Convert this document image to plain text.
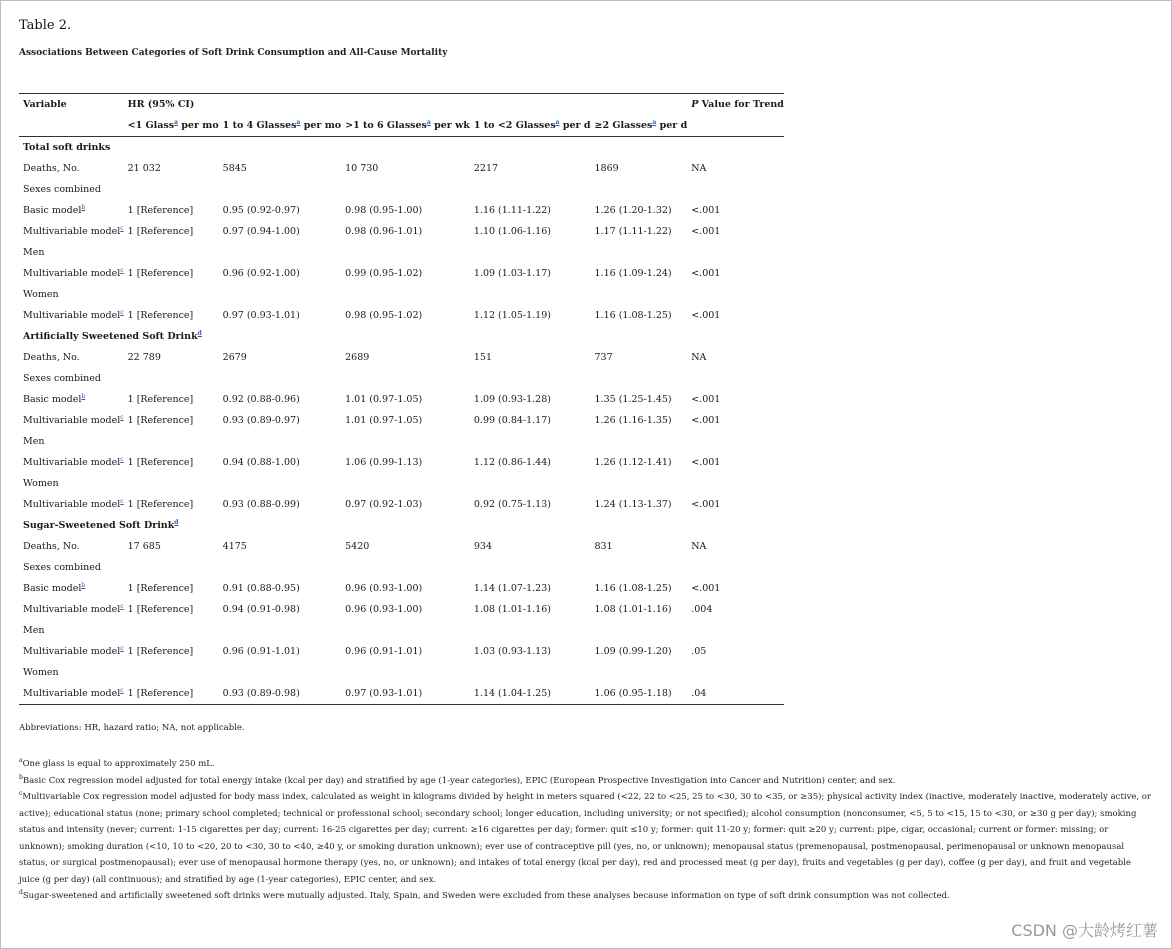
Table 2.
Associations Between Categories of Soft Drink Consumption and All-Cause Mortality
Variable	HR (95% CI)					P Value for Trend
	<1 Glass$^a$ per mo	1 to 4 Glasses$^a$ per mo	>1 to 6 Glasses$^a$ per wk	1 to <2 Glasses$^a$ per d	≥2 Glasses$^a$ per d	
Total soft drinks						
Deaths, No.	21 032	5845	10 730	2217	1869	NA
Sexes combined						
Basic model$^b$	1 [Reference]	0.95 (0.92-0.97)	0.98 (0.95-1.00)	1.16 (1.11-1.22)	1.26 (1.20-1.32)	<.001
Multivariable model$^c$	1 [Reference]	0.97 (0.94-1.00)	0.98 (0.96-1.01)	1.10 (1.06-1.16)	1.17 (1.11-1.22)	<.001
Men						
Multivariable model$^c$	1 [Reference]	0.96 (0.92-1.00)	0.99 (0.95-1.02)	1.09 (1.03-1.17)	1.16 (1.09-1.24)	<.001
Women						
Multivariable model$^c$	1 [Reference]	0.97 (0.93-1.01)	0.98 (0.95-1.02)	1.12 (1.05-1.19)	1.16 (1.08-1.25)	<.001
Artificially Sweetened Soft Drink$^d$
Deaths, No.	22 789	2679	2689	151	737	NA
Sexes combined						
Basic model$^b$	1 [Reference]	0.92 (0.88-0.96)	1.01 (0.97-1.05)	1.09 (0.93-1.28)	1.35 (1.25-1.45)	<.001
Multivariable model$^c$	1 [Reference]	0.93 (0.89-0.97)	1.01 (0.97-1.05)	0.99 (0.84-1.17)	1.26 (1.16-1.35)	<.001
Men						
Multivariable model$^c$	1 [Reference]	0.94 (0.88-1.00)	1.06 (0.99-1.13)	1.12 (0.86-1.44)	1.26 (1.12-1.41)	<.001
Women						
Multivariable model$^c$	1 [Reference]	0.93 (0.88-0.99)	0.97 (0.92-1.03)	0.92 (0.75-1.13)	1.24 (1.13-1.37)	<.001
Sugar-Sweetened Soft Drink$^d$
Deaths, No.	17 685	4175	5420	934	831	NA
Sexes combined						
Basic model$^b$	1 [Reference]	0.91 (0.88-0.95)	0.96 (0.93-1.00)	1.14 (1.07-1.23)	1.16 (1.08-1.25)	<.001
Multivariable model$^c$	1 [Reference]	0.94 (0.91-0.98)	0.96 (0.93-1.00)	1.08 (1.01-1.16)	1.08 (1.01-1.16)	.004
Men						
Multivariable model$^c$	1 [Reference]	0.96 (0.91-1.01)	0.96 (0.91-1.01)	1.03 (0.93-1.13)	1.09 (0.99-1.20)	.05
Women						
Multivariable model$^c$	1 [Reference]	0.93 (0.89-0.98)	0.97 (0.93-1.01)	1.14 (1.04-1.25)	1.06 (0.95-1.18)	.04
Abbreviations: HR, hazard ratio; NA, not applicable.

$^a$One glass is equal to approximately 250 mL.

$^b$Basic Cox regression model adjusted for total energy intake (kcal per day) and stratified by age (1-year categories), EPIC (European Prospective Investigation into Cancer and Nutrition) center, and sex.

$^c$Multivariable Cox regression model adjusted for body mass index, calculated as weight in kilograms divided by height in meters squared (<22, 22 to <25, 25 to <30, 30 to <35, or ≥35); physical activity index (inactive, moderately inactive, moderately active, or active); educational status (none; primary school completed; technical or professional school; secondary school; longer education, including university; or not specified); alcohol consumption (nonconsumer, <5, 5 to <15, 15 to <30, or ≥30 g per day); smoking status and intensity (never; current: 1-15 cigarettes per day; current: 16-25 cigarettes per day; current: ≥16 cigarettes per day; former: quit ≤10 y; former: quit 11-20 y; former: quit ≥20 y; current: pipe, cigar, occasional; current or former: missing; or unknown); smoking duration (<10, 10 to <20, 20 to <30, 30 to <40, ≥40 y, or smoking duration unknown); ever use of contraceptive pill (yes, no, or unknown); menopausal status (premenopausal, postmenopausal, perimenopausal or unknown menopausal status, or surgical postmenopausal); ever use of menopausal hormone therapy (yes, no, or unknown); and intakes of total energy (kcal per day), red and processed meat (g per day), fruits and vegetables (g per day), coffee (g per day), and fruit and vegetable juice (g per day) (all continuous); and stratified by age (1-year categories), EPIC center, and sex.

$^d$Sugar-sweetened and artificially sweetened soft drinks were mutually adjusted. Italy, Spain, and Sweden were excluded from these analyses because information on type of soft drink consumption was not collected.

CSDN @大龄烤红薯
